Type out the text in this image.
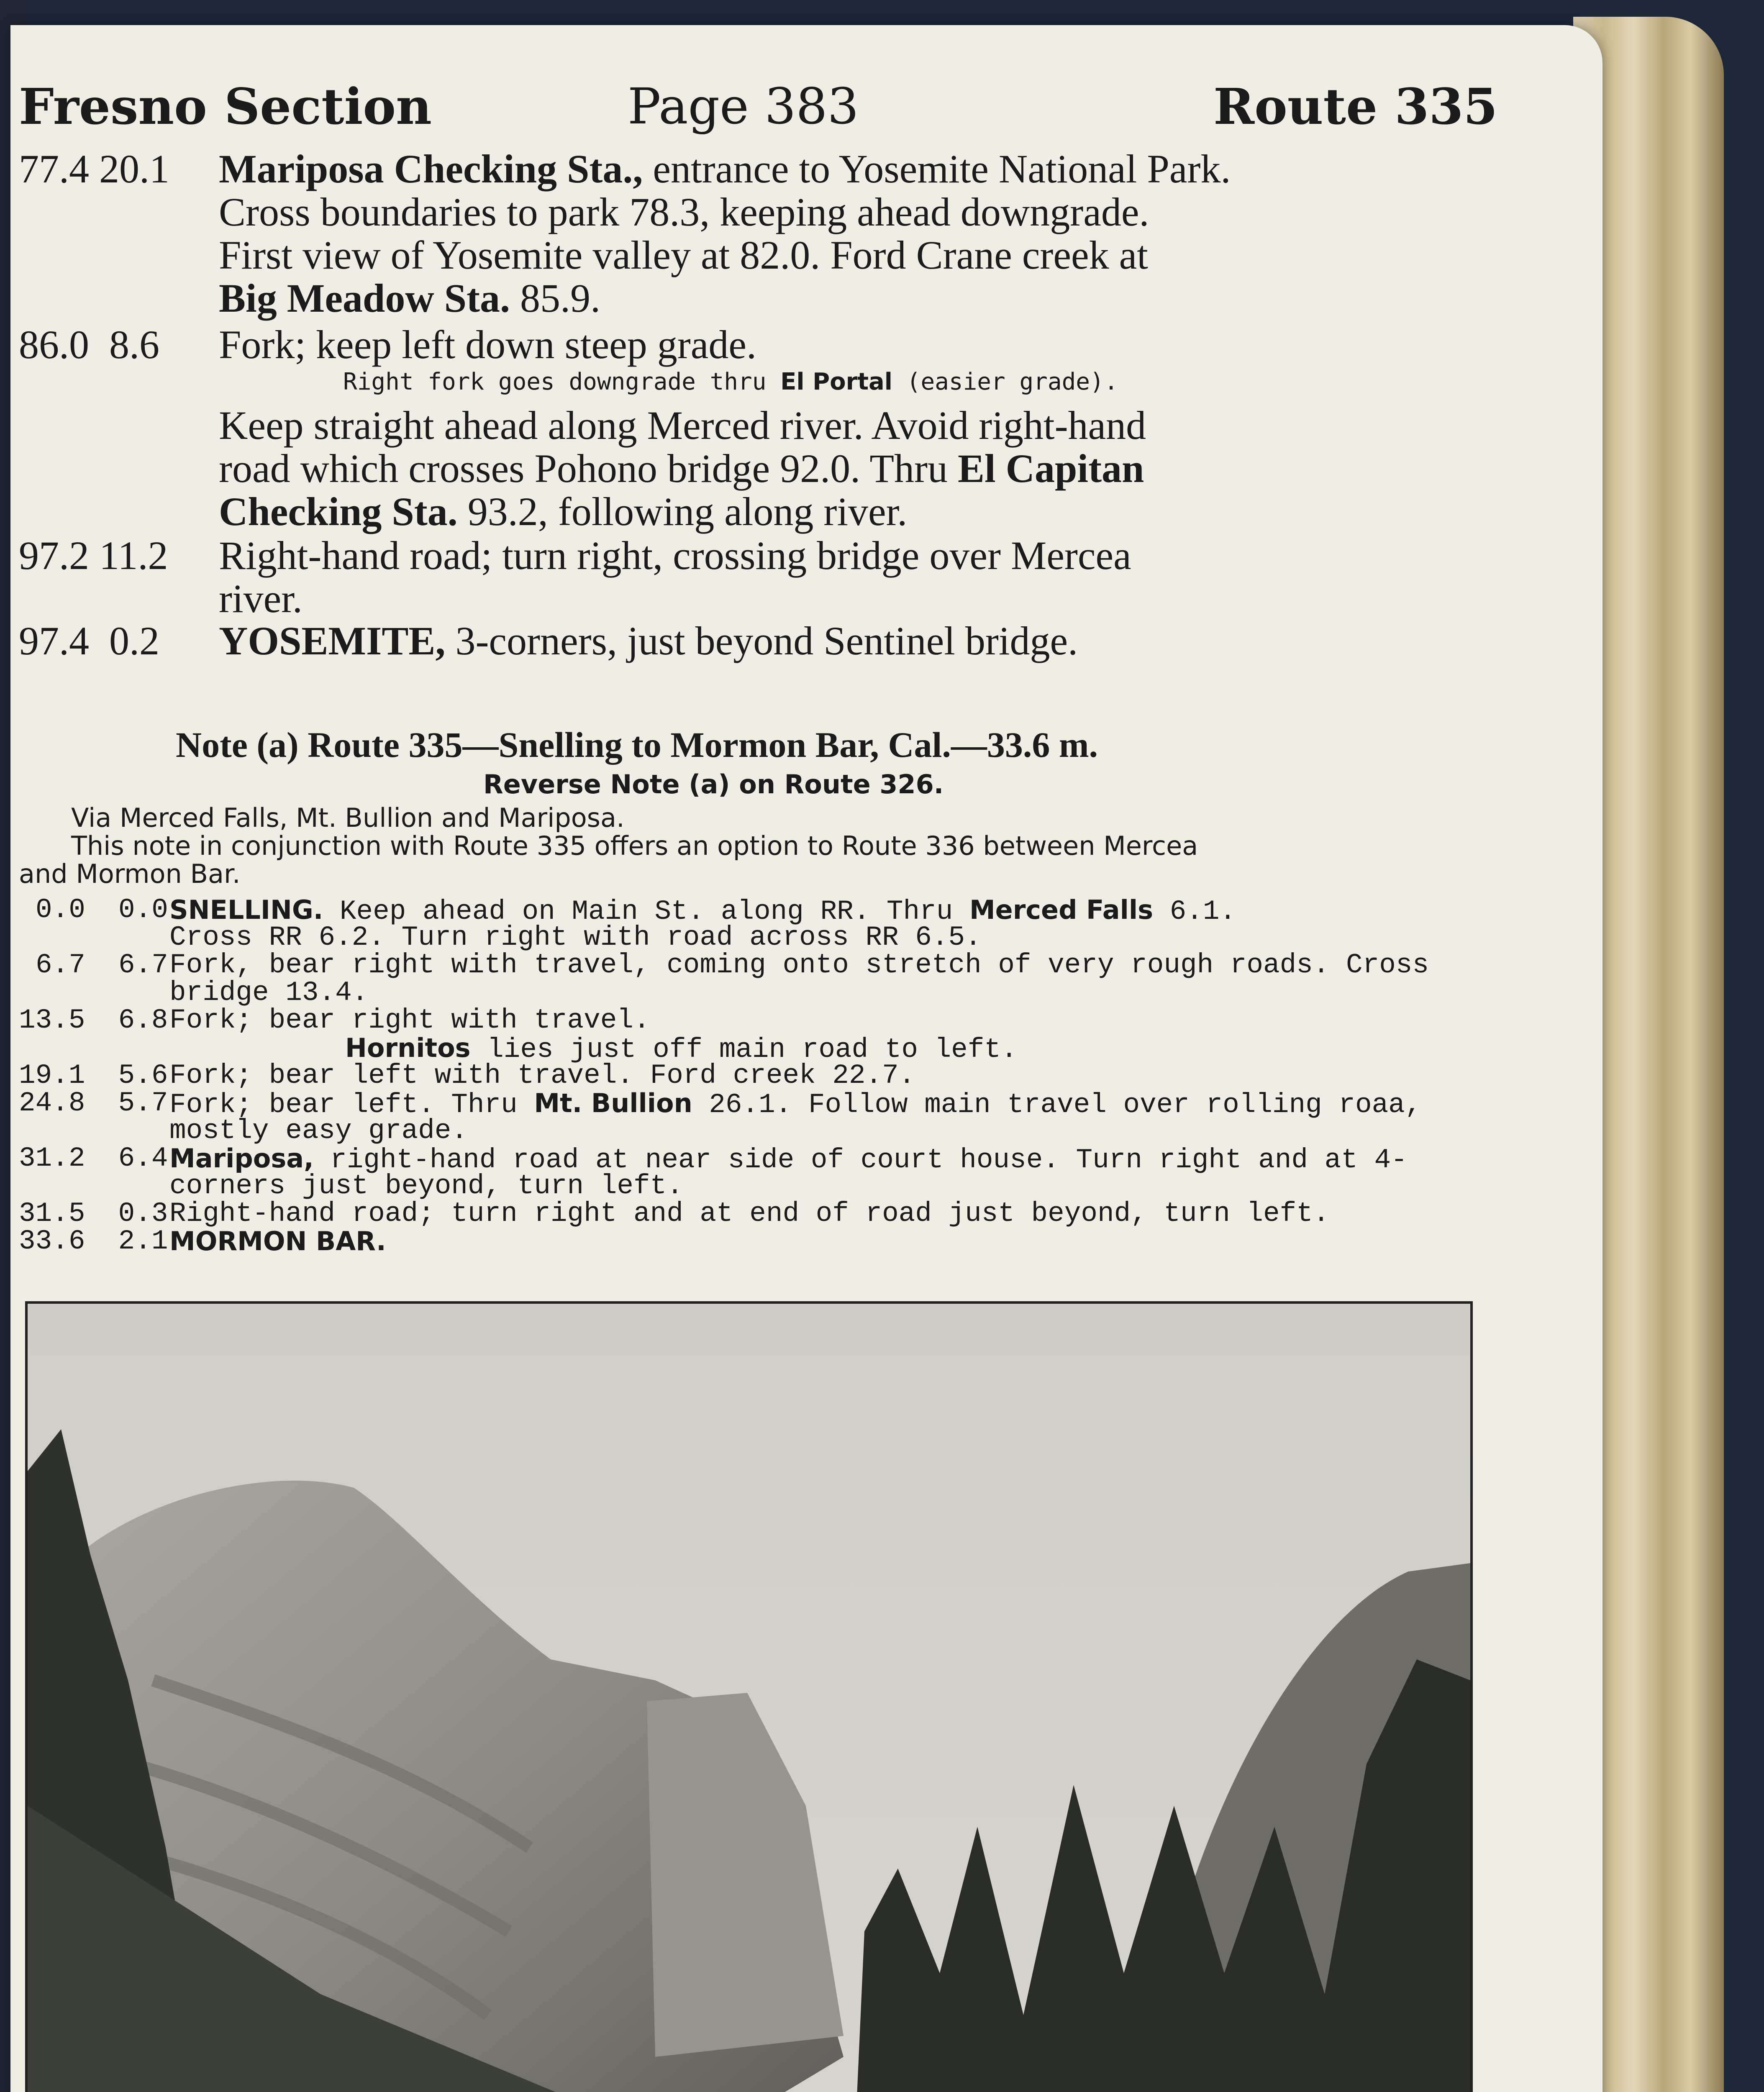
Fresno Section	Page 383	Route 335
77.4 20.1 Mariposa Checking Sta., entrance to Yosemite National Park.
Cross boundaries to park 78.3, keeping ahead downgrade.
First view of Yosemite valley at 82.0. Ford Crane creek at
Big Meadow Sta. 85.9.
86.0 8.6 Fork; keep left down steep grade.
Right fork goes downgrade thru El Portal (easier grade).
Keep straight ahead along Merced river. Avoid right-hand
road which crosses Pohono bridge 92.0. Thru El Capitan
Checking Sta. 93.2, following along river.
97.2 11.2 Right-hand road; turn right, crossing bridge over Mercea
river.
97.4 0.2 YOSEMITE, 3-corners, just beyond Sentinel bridge.
Note (a) Route 335—Snelling to Mormon Bar, Cal.—33.6 m.
Reverse Note (a) on Route 326.
Via Merced Falls, Mt. Bullion and Mariposa.
This note in conjunction with Route 335 offers an option to Route 336 between Mercea
and Mormon Bar.
0.0 0.0 SNELLING. Keep ahead on Main St. along RR. Thru Merced Falls 6.1.
Cross RR 6.2. Turn right with road across RR 6.5.
6.7 6.7 Fork, bear right with travel, coming onto stretch of very rough roads. Cross
bridge 13.4.
13.5 6.8 Fork; bear right with travel.
Hornitos lies just off main road to left.
19.1 5.6 Fork; bear left with travel. Ford creek 22.7.
24.8 5.7 Fork; bear left. Thru Mt. Bullion 26.1. Follow main travel over rolling roaa,
mostly easy grade.
31.2 6.4 Mariposa, right-hand road at near side of court house. Turn right and at 4-
corners just beyond, turn left.
31.5 0.3 Right-hand road; turn right and at end of road just beyond, turn left.
33.6 2.1 MORMON BAR.
